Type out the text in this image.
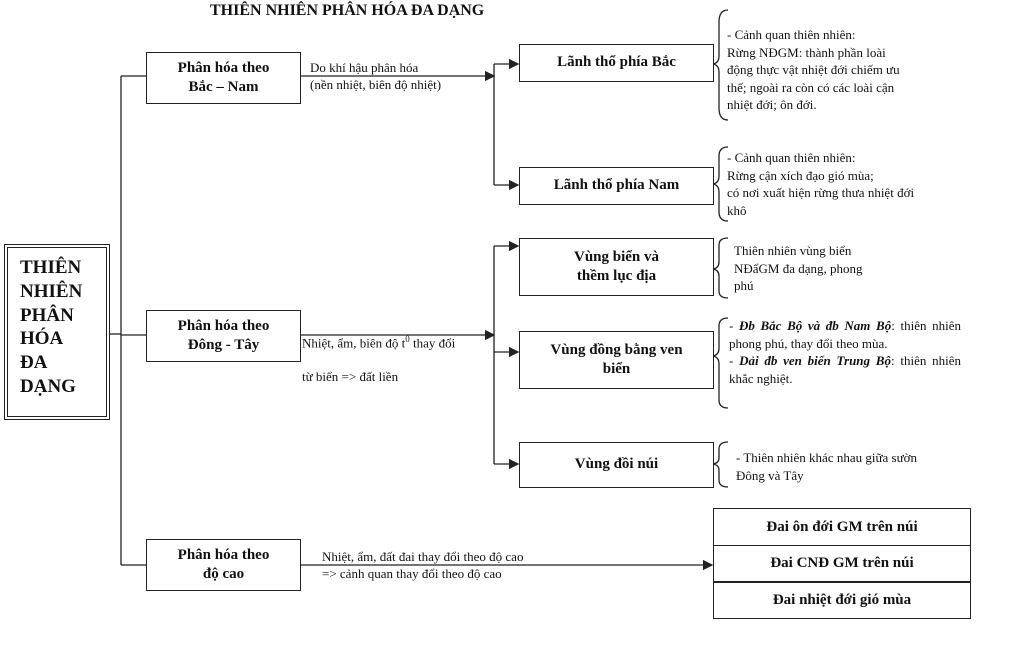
THIÊN NHIÊN PHÂN HÓA ĐA DẠNG
THIÊN
NHIÊN
PHÂN
HÓA
ĐA
DẠNG
Phân hóa theo
Bắc – Nam
Phân hóa theo
Đông - Tây
Phân hóa theo
độ cao
Do khí hậu phân hóa
(nền nhiệt, biên độ nhiệt)

Nhiệt, ẩm, biên độ $t^0$ thay đổi

từ biển => đất liền

Nhiệt, ẩm, đất đai thay đổi theo độ cao
=> cảnh quan thay đổi theo độ cao
Lãnh thổ phía Bắc
Lãnh thổ phía Nam
Vùng biển và
thềm lục địa
Vùng đồng bằng ven
biển
Vùng đồi núi
- Cảnh quan thiên nhiên:
Rừng NĐGM: thành phần loài
động thực vật nhiệt đới chiếm ưu
thế; ngoài ra còn có các loài cận
nhiệt đới; ôn đới.
- Cảnh quan thiên nhiên:
Rừng cận xích đạo gió mùa;
có nơi xuất hiện rừng thưa nhiệt đới
khô
Thiên nhiên vùng biển
NĐẩGM đa dạng, phong
phú

- Đb Bắc Bộ và đb Nam Bộ: thiên nhiên phong phú, thay đổi theo mùa.

- Dải đb ven biển Trung Bộ: thiên nhiên khắc nghiệt.

- Thiên nhiên khác nhau giữa sườn
Đông và Tây
Đai ôn đới GM trên núi
Đai CNĐ GM trên núi
Đai nhiệt đới gió mùa
